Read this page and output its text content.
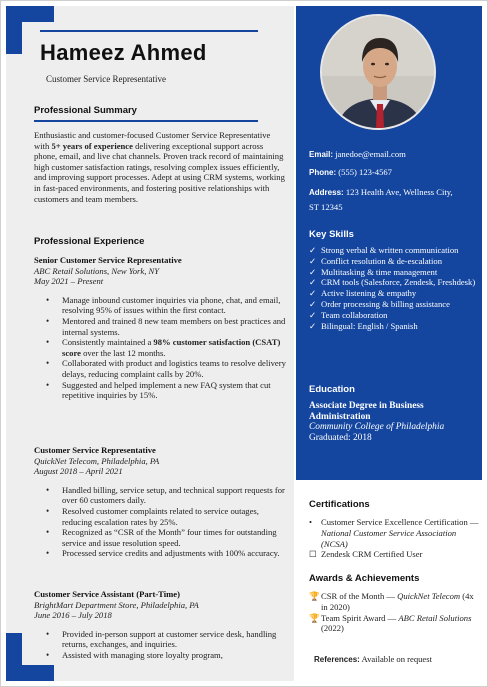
Hameez Ahmed
Customer Service Representative
Professional Summary
Enthusiastic and customer-focused Customer Service Representative with 5+ years of experience delivering exceptional support across phone, email, and live chat channels. Proven track record of maintaining high customer satisfaction ratings, resolving complex issues efficiently, and improving support processes. Adept at using CRM systems, working in fast-paced environments, and fostering positive relationships with customers and team members.
Professional Experience
Senior Customer Service Representative
ABC Retail Solutions, New York, NY
May 2021 – Present
• Manage inbound customer inquiries via phone, chat, and email, resolving 95% of issues within the first contact.
• Mentored and trained 8 new team members on best practices and internal systems.
• Consistently maintained a 98% customer satisfaction (CSAT) score over the last 12 months.
• Collaborated with product and logistics teams to resolve delivery delays, reducing complaint calls by 20%.
• Suggested and helped implement a new FAQ system that cut repetitive inquiries by 15%.
Customer Service Representative
QuickNet Telecom, Philadelphia, PA
August 2018 – April 2021
• Handled billing, service setup, and technical support requests for over 60 customers daily.
• Resolved customer complaints related to service outages, reducing escalation rates by 25%.
• Recognized as “CSR of the Month” four times for outstanding service and issue resolution speed.
• Processed service credits and adjustments with 100% accuracy.
Customer Service Assistant (Part-Time)
BrightMart Department Store, Philadelphia, PA
June 2016 – July 2018
• Provided in-person support at customer service desk, handling returns, exchanges, and inquiries.
• Assisted with managing store loyalty program,
Email: janedoe@email.com
Phone: (555) 123-4567
Address: 123 Health Ave, Wellness City, ST 12345
Key Skills
✓ Strong verbal & written communication
✓ Conflict resolution & de-escalation
✓ Multitasking & time management
✓ CRM tools (Salesforce, Zendesk, Freshdesk)
✓ Active listening & empathy
✓ Order processing & billing assistance
✓ Team collaboration
✓ Bilingual: English / Spanish
Education
Associate Degree in Business Administration
Community College of Philadelphia
Graduated: 2018
Certifications
• Customer Service Excellence Certification — National Customer Service Association (NCSA)
☐ Zendesk CRM Certified User
Awards & Achievements
🏆 CSR of the Month — QuickNet Telecom (4x in 2020)
🏆 Team Spirit Award — ABC Retail Solutions (2022)
References: Available on request
